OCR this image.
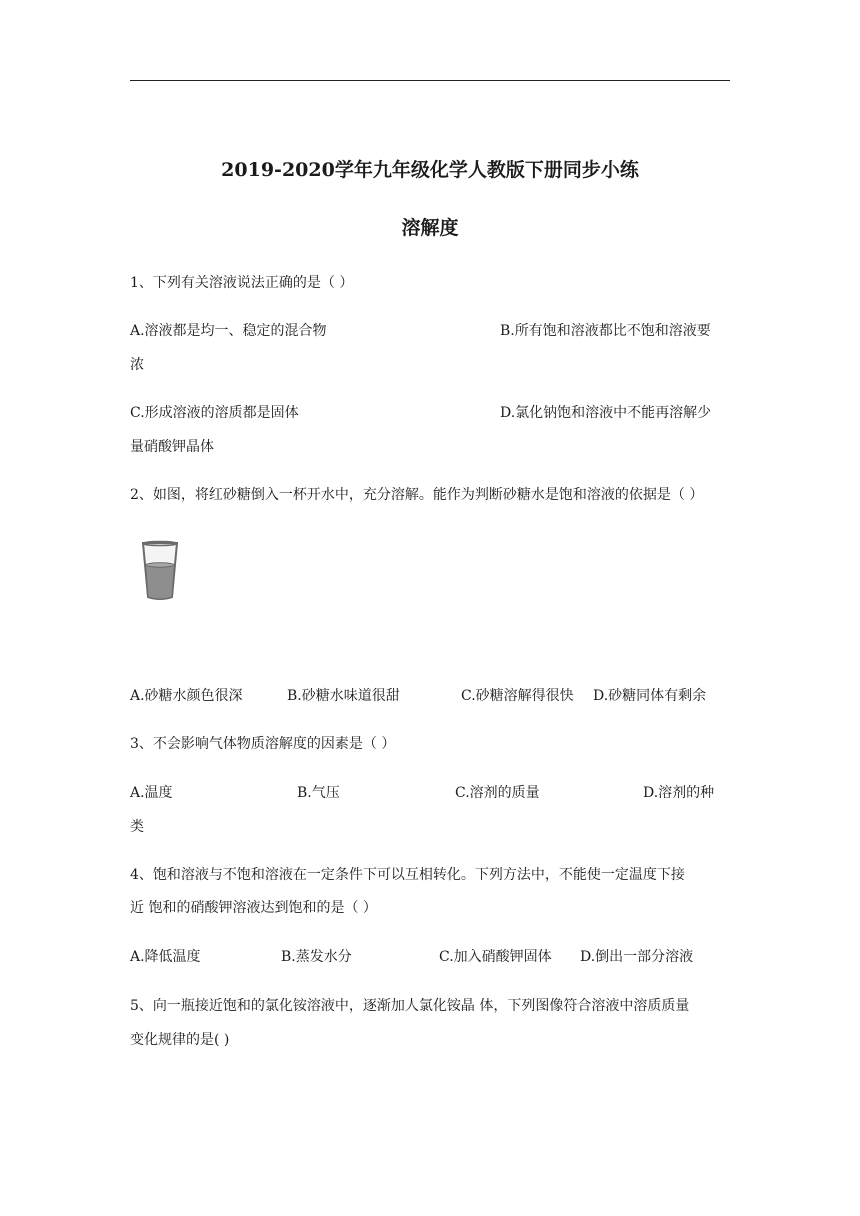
2019-2020学年九年级化学人教版下册同步小练
溶解度
1、下列有关溶液说法正确的是（ ）
A.溶液都是均一、稳定的混合物	B.所有饱和溶液都比不饱和溶液要
浓
C.形成溶液的溶质都是固体	D.氯化钠饱和溶液中不能再溶解少
量硝酸钾晶体
2、如图，将红砂糖倒入一杯开水中，充分溶解。能作为判断砂糖水是饱和溶液的依据是（ ）
A.砂糖水颜色很深	B.砂糖水味道很甜	C.砂糖溶解得很快 D.砂糖同体有剩余
3、不会影响气体物质溶解度的因素是（ ）
A.温度	B.气压	C.溶剂的质量	D.溶剂的种
类
4、饱和溶液与不饱和溶液在一定条件下可以互相转化。下列方法中，不能使一定温度下接
近 饱和的硝酸钾溶液达到饱和的是（ ）
A.降低温度	B.蒸发水分	C.加入硝酸钾固体 D.倒出一部分溶液
5、向一瓶接近饱和的氯化铵溶液中，逐渐加人氯化铵晶 体，下列图像符合溶液中溶质质量
变化规律的是( )
